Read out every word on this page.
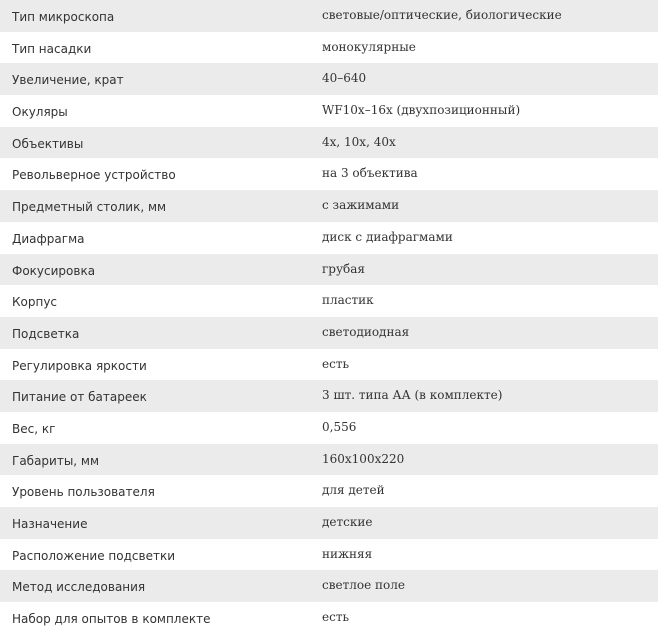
Тип микроскопа	световые/оптические, биологические
Тип насадки	монокулярные
Увеличение, крат	40–640
Окуляры	WF10x–16x (двухпозиционный)
Объективы	4x, 10x, 40x
Револьверное устройство	на 3 объектива
Предметный столик, мм	с зажимами
Диафрагма	диск с диафрагмами
Фокусировка	грубая
Корпус	пластик
Подсветка	светодиодная
Регулировка яркости	есть
Питание от батареек	3 шт. типа АА (в комплекте)
Вес, кг	0,556
Габариты, мм	160x100x220
Уровень пользователя	для детей
Назначение	детские
Расположение подсветки	нижняя
Метод исследования	светлое поле
Набор для опытов в комплекте	есть
